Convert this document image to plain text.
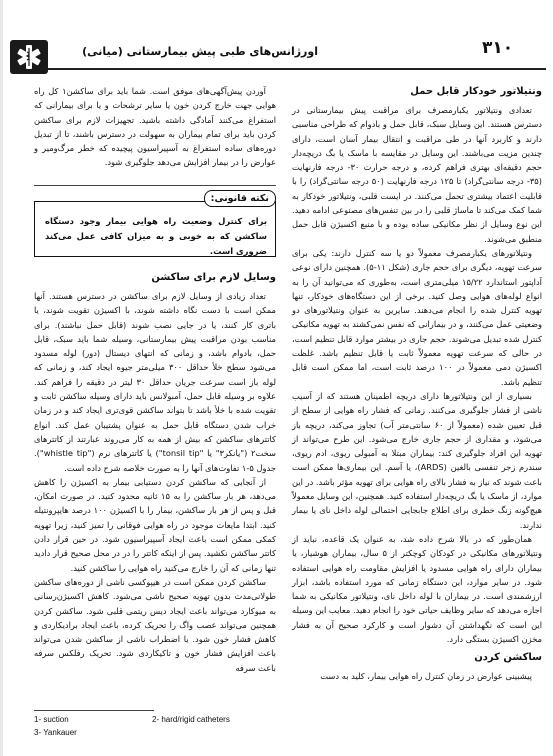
اورژانس‌های طبی پیش بیمارستانی (میانی)	۳۱۰
ونتیلاتور خودکار قابل حمل

تعدادی ونتیلاتور یکبارمصرف برای مراقبت پیش بیمارستانی در دسترس هستند. این وسایل سبک، قابل حمل و بادوام که طراحی مناسبی دارند و کاربرد آنها در طی مراقبت و انتقال بیمار آسان است، دارای چندین مزیت می‌باشند. این وسایل در مقایسه با ماسک یا بگ دریچه‌دار حجم دقیقه‌ای بهتری فراهم کرده، و درجه حرارت ۳۰- درجه فارنهایت (۳۵- درجه سانتی‌گراد) تا ۱۲۵ درجه فارنهایت (۵۰ درجه سانتی‌گراد) را با قابلیت اعتماد بیشتری تحمل می‌کنند. در ایست قلبی، ونتیلاتور خودکار به شما کمک می‌کند تا ماساژ قلبی را در بین تنفس‌های مصنوعی ادامه دهید. این نوع وسایل از نظر مکانیکی ساده بوده و با منبع اکسیژن قابل حمل منطبق می‌شوند.

ونتیلاتورهای یکبارمصرف معمولاً دو یا سه کنترل دارند: یکی برای سرعت تهویه، دیگری برای حجم جاری (شکل ۱۱-۵). همچنین دارای نوعی آداپتور استاندارد ۱۵/۲۲ میلی‌متری است، به‌طوری که می‌توانید آن را به انواع لوله‌های هوایی وصل کنید. برخی از این دستگاه‌های خودکار، تنها تهویه کنترل شده را انجام می‌دهند. سایرین به عنوان ونتیلاتورهای دو وضعیتی عمل می‌کنند، و در بیمارانی که نفس نمی‌کشند به تهویه مکانیکی کنترل شده تبدیل می‌شوند. حجم جاری در بیشتر موارد قابل تنظیم است، در حالی که سرعت تهویه معمولاً ثابت یا قابل تنظیم باشد. غلظت اکسیژن دمی معمولاً در ۱۰۰ درصد ثابت است، اما ممکن است قابل تنظیم باشد.

بسیاری از این ونتیلاتورها دارای دریچه اطمینان هستند که از آسیب ناشی از فشار جلوگیری می‌کنند. زمانی که فشار راه هوایی از سطح از قبل تعیین شده (معمولاً از ۶۰ سانتی‌متر آب) تجاوز می‌کند، دریچه باز می‌شود، و مقداری از حجم جاری خارج می‌شود. این طرح می‌تواند از تهویه این افراد جلوگیری کند: بیماران مبتلا به آمبولی ریوی، ادم ریوی، سندرم زجر تنفسی بالغین (ARDS)، یا آسم. این بیماری‌ها ممکن است باعث شوند که نیاز به فشار بالای راه هوایی برای تهویه مؤثر باشد. در این موارد، از ماسک یا بگ دریچه‌دار استفاده کنید. همچنین، این وسایل معمولاً هیچ‌گونه زنگ خطری برای اطلاع جابجایی احتمالی لوله داخل نای یا بیمار ندارند.

همان‌طور که در بالا شرح داده شد، به عنوان یک قاعده، نباید از ونتیلاتورهای مکانیکی در کودکان کوچکتر از ۵ سال، بیماران هوشیار، یا بیماران دارای راه هوایی مسدود یا افزایش مقاومت راه هوایی استفاده شود. در سایر موارد، این دستگاه زمانی که مورد استفاده باشد، ابزار ارزشمندی است. در بیماران با لوله داخل نای، ونتیلاتور مکانیکی به شما اجازه می‌دهد که سایر وظایف حیاتی خود را انجام دهید. معایب این وسیله این است که نگهداشتن آن دشوار است و کارکرد صحیح آن به فشار مخزن اکسیژن بستگی دارد.

ساکشن کردن

پیشبینی عوارض در زمان کنترل راه هوایی بیمار، کلید به دست

آوردن پیش‌آگهی‌های موفق است. شما باید برای ساکشن‌۱ کل راه هوایی جهت خارج کردن خون یا سایر ترشحات و یا برای بیمارانی که استفراغ می‌کنند آمادگی داشته باشید. تجهیزات لازم برای ساکشن کردن باید برای تمام بیماران به سهولت در دسترس باشند، تا از تبدیل دوره‌های ساده استفراغ به آسپیراسیون پیچیده که خطر مرگ‌ومیر و عوارض را در بیمار افزایش می‌دهد جلوگیری شود.

نکته قانونی:
برای کنترل وضعیت راه هوایی بیمار وجود دستگاه ساکشن که به خوبی و به میزان کافی عمل می‌کند ضروری است.
وسایل لازم برای ساکشن

تعداد زیادی از وسایل لازم برای ساکشن در دسترس هستند. آنها ممکن است با دست نگاه داشته شوند، با اکسیژن تقویت شوند، یا باتری کار کنند، یا در جایی نصب شوند (قابل حمل نباشند). برای مناسب بودن مراقبت پیش بیمارستانی، وسیله شما باید سبک، قابل حمل، بادوام باشد، و زمانی که انتهای دیستال (دور) لوله مسدود می‌شود سطح خلأ حداقل ۳۰۰ میلی‌متر جیوه ایجاد کند، و زمانی که لوله باز است سرعت جریان حداقل ۳۰ لیتر در دقیقه را فراهم کند. علاوه بر وسیله قابل حمل، آمبولانس باید دارای وسیله ساکشن ثابت و تقویت شده با خلأ باشد تا بتواند ساکشن قوی‌تری ایجاد کند و در زمان خراب شدن دستگاه قابل حمل به عنوان پشتیبان عمل کند. انواع کاتترهای ساکشن که بیش از همه به کار می‌روند عبارتند از کاتترهای سخت‌۲ ("یانکر‌۳" یا "tonsil tip") یا کاتترهای نرم ("whistle tip"). جدول ۵-۱ تفاوت‌های آنها را به صورت خلاصه شرح داده است.

از آنجایی که ساکشن کردن دستیابی بیمار به اکسیژن را کاهش می‌دهد، هر بار ساکشن را به ۱۵ ثانیه محدود کنید. در صورت امکان، قبل و پس از هر بار ساکشن، بیمار را با اکسیژن ۱۰۰ درصد هایپرونتیله کنید. ابتدا مایعات موجود در راه هوایی فوقانی را تمیز کنید، زیرا تهویه کمکی ممکن است باعث ایجاد آسپیراسیون شود. در حین قرار دادن کاتتر ساکشن نکشید. پس از اینکه کاتتر را در در محل صحیح قرار دادید تنها زمانی که آن را خارج می‌کنید راه هوایی را ساکشن کنید.

ساکشن کردن ممکن است در هیپوکسی ناشی از دوره‌های ساکشن طولانی‌مدت بدون تهویه صحیح ناشی می‌شود. کاهش اکسیژن‌رسانی به میوکارد می‌تواند باعث ایجاد دیس ریتمی قلبی شود. ساکشن کردن همچنین می‌تواند عصب واگ را تحریک کرده، باعث ایجاد برادیکاردی و کاهش فشار خون شود. یا اضطراب ناشی از ساکشن شدن می‌تواند باعث افزایش فشار خون و تاکیکاردی شود. تحریک رفلکس سرفه باعث سرفه

1- suction	2- hard/rigid catheters
3- Yankauer
